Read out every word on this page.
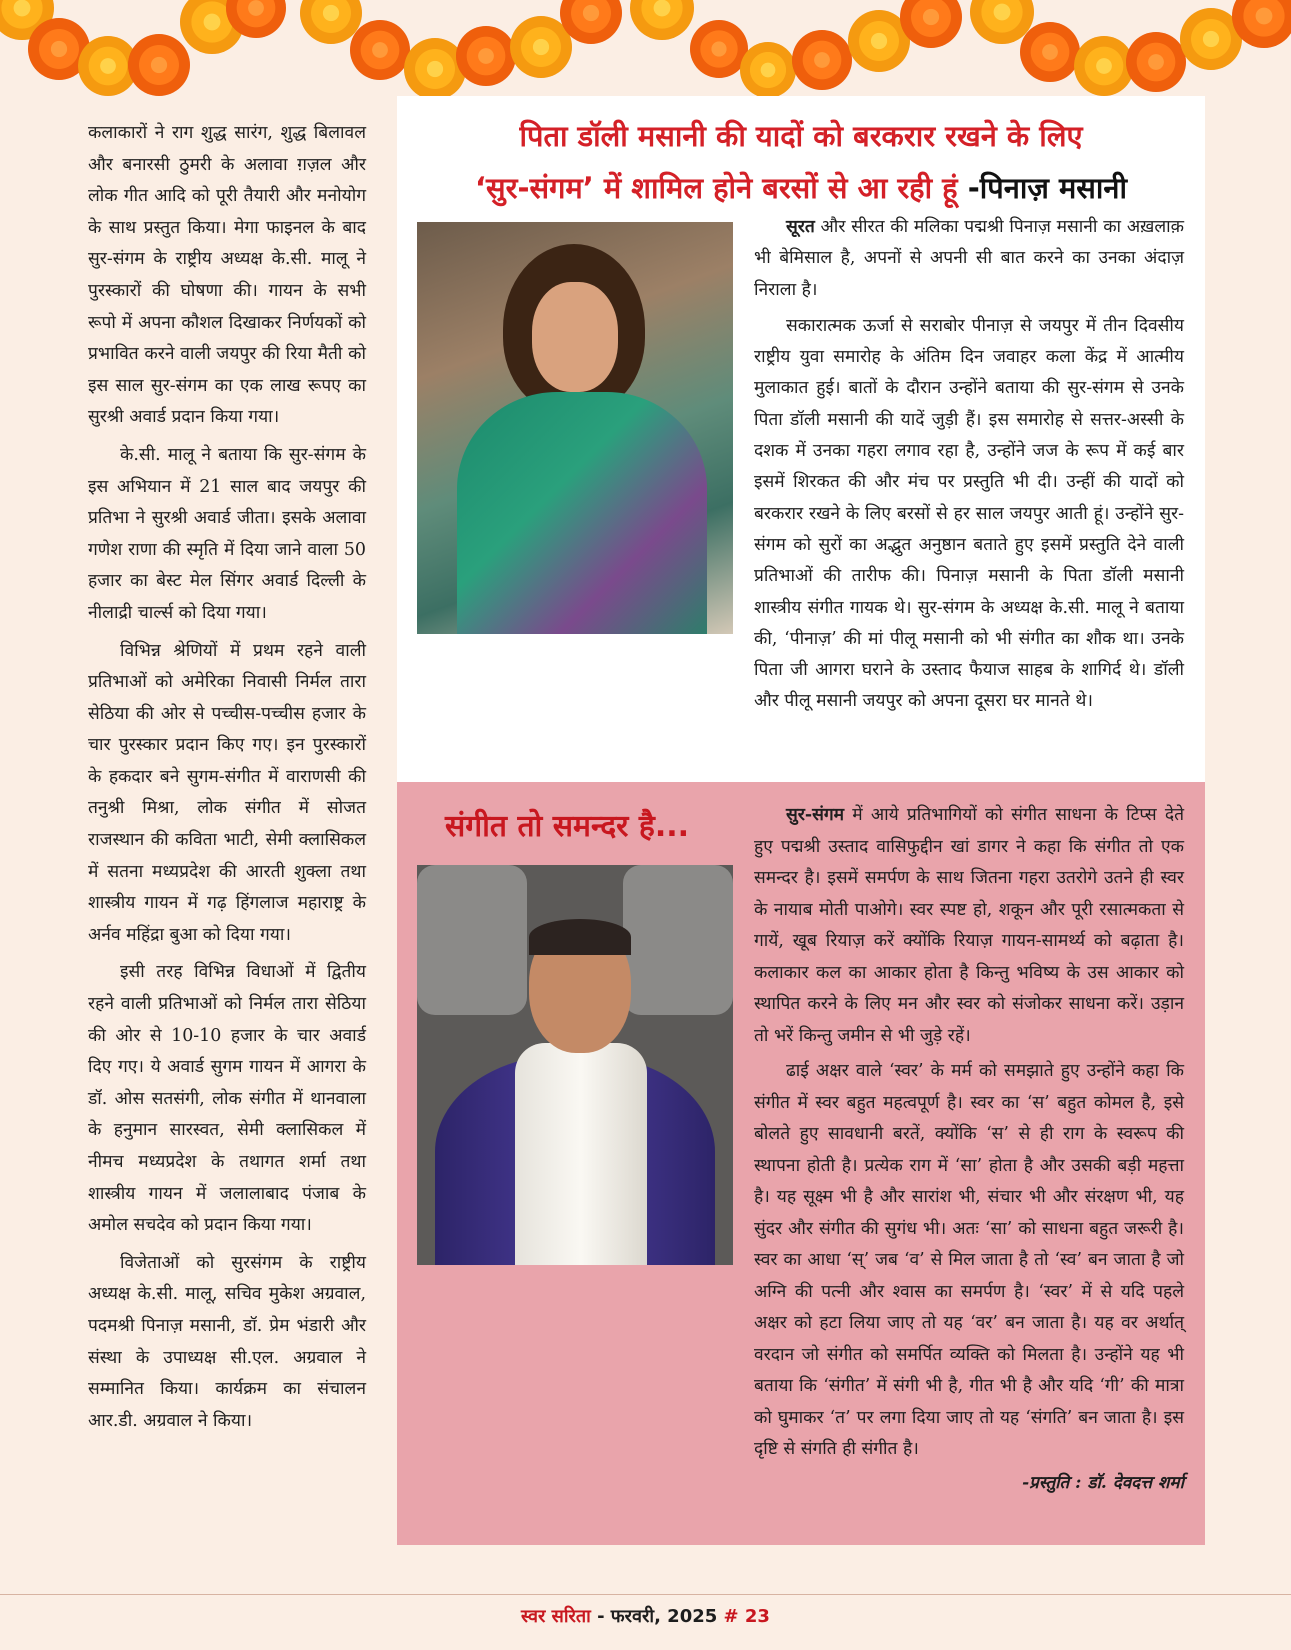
कलाकारों ने राग शुद्ध सारंग, शुद्ध बिलावल और बनारसी ठुमरी के अलावा ग़ज़ल और लोक गीत आदि को पूरी तैयारी और मनोयोग के साथ प्रस्तुत किया। मेगा फाइनल के बाद सुर-संगम के राष्ट्रीय अध्यक्ष के.सी. मालू ने पुरस्कारों की घोषणा की। गायन के सभी रूपो में अपना कौशल दिखाकर निर्णयकों को प्रभावित करने वाली जयपुर की रिया मैती को इस साल सुर-संगम का एक लाख रूपए का सुरश्री अवार्ड प्रदान किया गया।

के.सी. मालू ने बताया कि सुर-संगम के इस अभियान में 21 साल बाद जयपुर की प्रतिभा ने सुरश्री अवार्ड जीता। इसके अलावा गणेश राणा की स्मृति में दिया जाने वाला 50 हजार का बेस्ट मेल सिंगर अवार्ड दिल्ली के नीलाद्री चार्ल्स को दिया गया।

विभिन्न श्रेणियों में प्रथम रहने वाली प्रतिभाओं को अमेरिका निवासी निर्मल तारा सेठिया की ओर से पच्चीस-पच्चीस हजार के चार पुरस्कार प्रदान किए गए। इन पुरस्कारों के हकदार बने सुगम-संगीत में वाराणसी की तनुश्री मिश्रा, लोक संगीत में सोजत राजस्थान की कविता भाटी, सेमी क्लासिकल में सतना मध्यप्रदेश की आरती शुक्ला तथा शास्त्रीय गायन में गढ़ हिंगलाज महाराष्ट्र के अर्नव महिंद्रा बुआ को दिया गया।

इसी तरह विभिन्न विधाओं में द्वितीय रहने वाली प्रतिभाओं को निर्मल तारा सेठिया की ओर से 10-10 हजार के चार अवार्ड दिए गए। ये अवार्ड सुगम गायन में आगरा के डॉ. ओस सतसंगी, लोक संगीत में थानवाला के हनुमान सारस्वत, सेमी क्लासिकल में नीमच मध्यप्रदेश के तथागत शर्मा तथा शास्त्रीय गायन में जलालाबाद पंजाब के अमोल सचदेव को प्रदान किया गया।

विजेताओं को सुरसंगम के राष्ट्रीय अध्यक्ष के.सी. मालू, सचिव मुकेश अग्रवाल, पदमश्री पिनाज़ मसानी, डॉ. प्रेम भंडारी और संस्था के उपाध्यक्ष सी.एल. अग्रवाल ने सम्मानित किया। कार्यक्रम का संचालन आर.डी. अग्रवाल ने किया।

पिता डॉली मसानी की यादों को बरकरार रखने के लिए
‘सुर-संगम’ में शामिल होने बरसों से आ रही हूं -पिनाज़ मसानी

सूरत और सीरत की मलिका पद्मश्री पिनाज़ मसानी का अख़लाक़ भी बेमिसाल है, अपनों से अपनी सी बात करने का उनका अंदाज़ निराला है।

सकारात्मक ऊर्जा से सराबोर पीनाज़ से जयपुर में तीन दिवसीय राष्ट्रीय युवा समारोह के अंतिम दिन जवाहर कला केंद्र में आत्मीय मुलाकात हुई। बातों के दौरान उन्होंने बताया की सुर-संगम से उनके पिता डॉली मसानी की यादें जुड़ी हैं। इस समारोह से सत्तर-अस्सी के दशक में उनका गहरा लगाव रहा है, उन्होंने जज के रूप में कई बार इसमें शिरकत की और मंच पर प्रस्तुति भी दी। उन्हीं की यादों को बरकरार रखने के लिए बरसों से हर साल जयपुर आती हूं। उन्होंने सुर-संगम को सुरों का अद्भुत अनुष्ठान बताते हुए इसमें प्रस्तुति देने वाली प्रतिभाओं की तारीफ की। पिनाज़ मसानी के पिता डॉली मसानी शास्त्रीय संगीत गायक थे। सुर-संगम के अध्यक्ष के.सी. मालू ने बताया की, ‘पीनाज़’ की मां पीलू मसानी को भी संगीत का शौक था। उनके पिता जी आगरा घराने के उस्ताद फैयाज साहब के शागिर्द थे। डॉली और पीलू मसानी जयपुर को अपना दूसरा घर मानते थे।

संगीत तो समन्दर है...	सुर-संगम में आये प्रतिभागियों को संगीत साधना के टिप्स देते हुए पद्मश्री उस्ताद वासिफुद्दीन खां डागर ने कहा कि संगीत तो एक समन्दर है। इसमें समर्पण के साथ जितना गहरा उतरोगे उतने ही स्वर के नायाब मोती पाओगे। स्वर स्पष्ट हो, शकून और पूरी रसात्मकता से गायें, खूब रियाज़ करें क्योंकि रियाज़ गायन-सामर्थ्य को बढ़ाता है। कलाकार कल का आकार होता है किन्तु भविष्य के उस आकार को स्थापित करने के लिए मन और स्वर को संजोकर साधना करें। उड़ान तो भरें किन्तु जमीन से भी जुड़े रहें।

ढाई अक्षर वाले ‘स्वर’ के मर्म को समझाते हुए उन्होंने कहा कि संगीत में स्वर बहुत महत्वपूर्ण है। स्वर का ‘स’ बहुत कोमल है, इसे बोलते हुए सावधानी बरतें, क्योंकि ‘स’ से ही राग के स्वरूप की स्थापना होती है। प्रत्येक राग में ‘सा’ होता है और उसकी बड़ी महत्ता है। यह सूक्ष्म भी है और सारांश भी, संचार भी और संरक्षण भी, यह सुंदर और संगीत की सुगंध भी। अतः ‘सा’ को साधना बहुत जरूरी है। स्वर का आधा ‘स्’ जब ‘व’ से मिल जाता है तो ‘स्व’ बन जाता है जो अग्नि की पत्नी और श्वास का समर्पण है। ‘स्वर’ में से यदि पहले अक्षर को हटा लिया जाए तो यह ‘वर’ बन जाता है। यह वर अर्थात् वरदान जो संगीत को समर्पित व्यक्ति को मिलता है। उन्होंने यह भी बताया कि ‘संगीत’ में संगी भी है, गीत भी है और यदि ‘गी’ की मात्रा को घुमाकर ‘त’ पर लगा दिया जाए तो यह ‘संगति’ बन जाता है। इस दृष्टि से संगति ही संगीत है।

-प्रस्तुति : डॉ. देवदत्त शर्मा
स्वर सरिता - फरवरी, 2025 # 23
